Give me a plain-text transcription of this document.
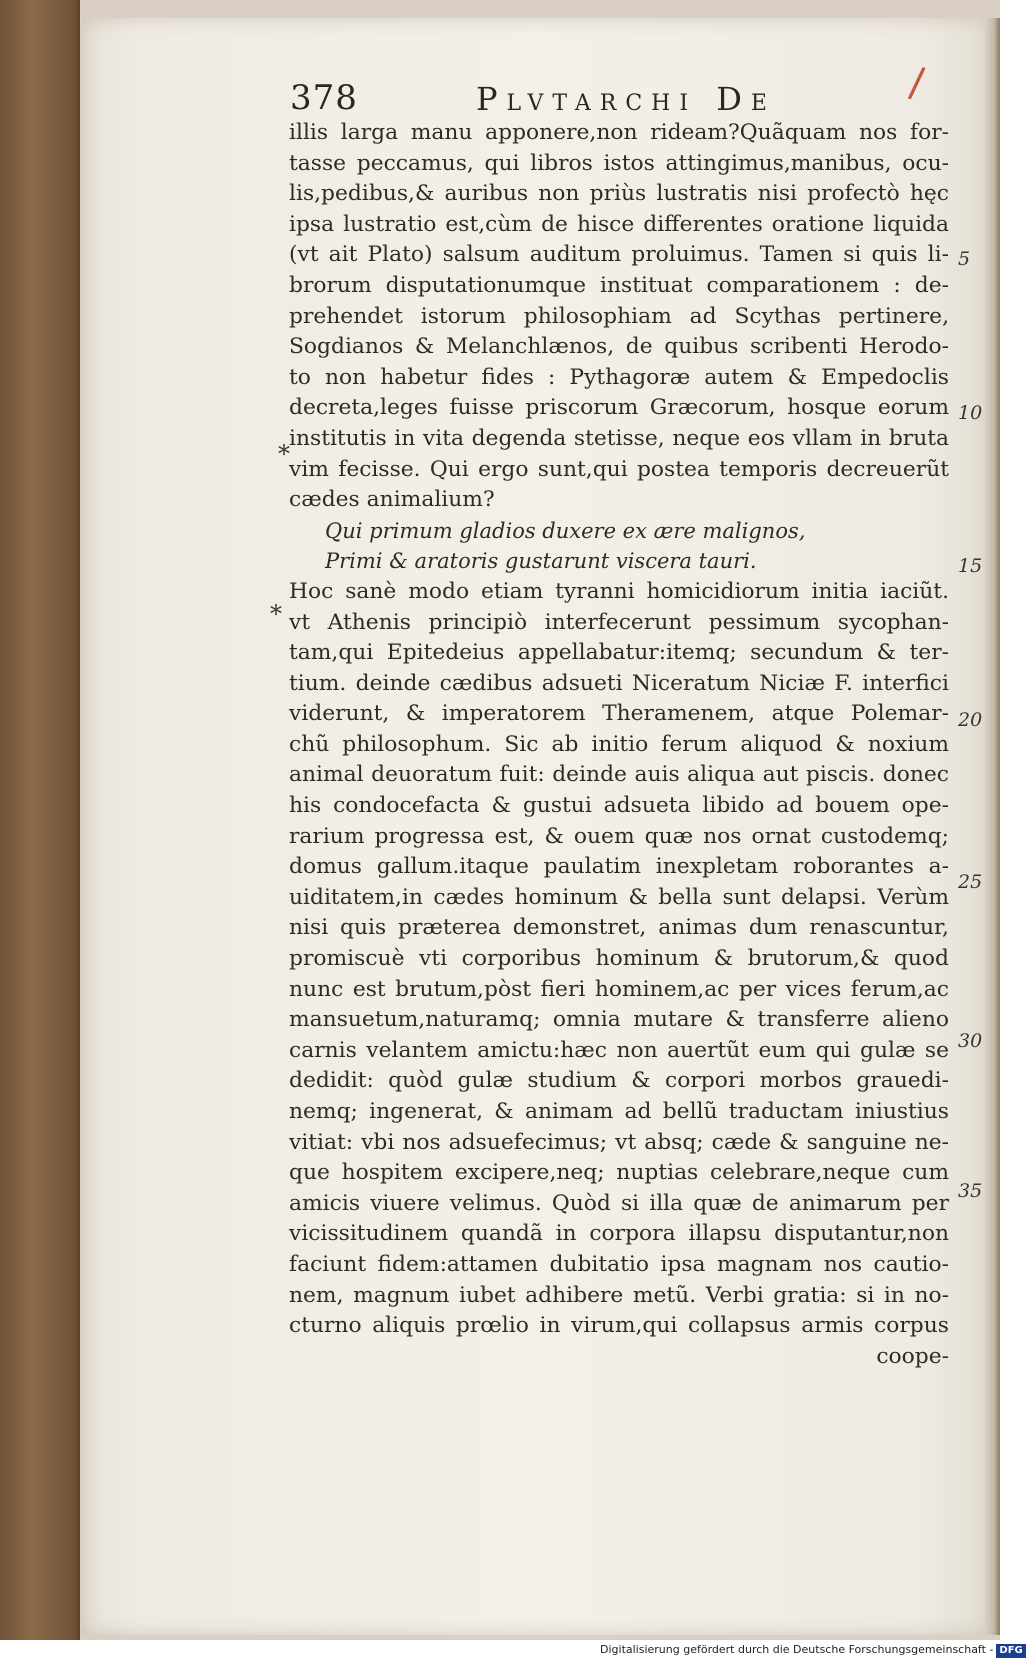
378	Plvtarchi De	/
illis larga manu apponere,non rideam?Quãquam nos for-
tasse peccamus, qui libros istos attingimus,manibus, ocu-
lis,pedibus,& auribus non priùs lustratis nisi profectò hęc
ipsa lustratio est,cùm de hisce differentes oratione liquida
(vt ait Plato) salsum auditum proluimus. Tamen si quis li-
brorum disputationumque instituat comparationem : de-
prehendet istorum philosophiam ad Scythas pertinere,
Sogdianos & Melanchlænos, de quibus scribenti Herodo-
to non habetur fides : Pythagoræ autem & Empedoclis
decreta,leges fuisse priscorum Græcorum, hosque eorum
institutis in vita degenda stetisse, neque eos vllam in bruta
vim fecisse. Qui ergo sunt,qui postea temporis decreuerũt
cædes animalium?
Qui primum gladios duxere ex ære malignos,
Primi & aratoris gustarunt viscera tauri.
Hoc sanè modo etiam tyranni homicidiorum initia iaciũt.
vt Athenis principiò interfecerunt pessimum sycophan-
tam,qui Epitedeius appellabatur:itemq; secundum & ter-
tium. deinde cædibus adsueti Niceratum Niciæ F. interfici
viderunt, & imperatorem Theramenem, atque Polemar-
chũ philosophum. Sic ab initio ferum aliquod & noxium
animal deuoratum fuit: deinde auis aliqua aut piscis. donec
his condocefacta & gustui adsueta libido ad bouem ope-
rarium progressa est, & ouem quæ nos ornat custodemq;
domus gallum.itaque paulatim inexpletam roborantes a-
uiditatem,in cædes hominum & bella sunt delapsi. Verùm
nisi quis præterea demonstret, animas dum renascuntur,
promiscuè vti corporibus hominum & brutorum,& quod
nunc est brutum,pòst fieri hominem,ac per vices ferum,ac
mansuetum,naturamq; omnia mutare & transferre alieno
carnis velantem amictu:hæc non auertũt eum qui gulæ se
dedidit: quòd gulæ studium & corpori morbos grauedi-
nemq; ingenerat, & animam ad bellũ traductam iniustius
vitiat: vbi nos adsuefecimus; vt absq; cæde & sanguine ne-
que hospitem excipere,neq; nuptias celebrare,neque cum
amicis viuere velimus. Quòd si illa quæ de animarum per
vicissitudinem quandã in corpora illapsu disputantur,non
faciunt fidem:attamen dubitatio ipsa magnam nos cautio-
nem, magnum iubet adhibere metũ. Verbi gratia: si in no-
cturno aliquis prœlio in virum,qui collapsus armis corpus
coope-
*
*
5
10
15
20
25
30
35
Digitalisierung gefördert durch die Deutsche Forschungsgemeinschaft - DFG
